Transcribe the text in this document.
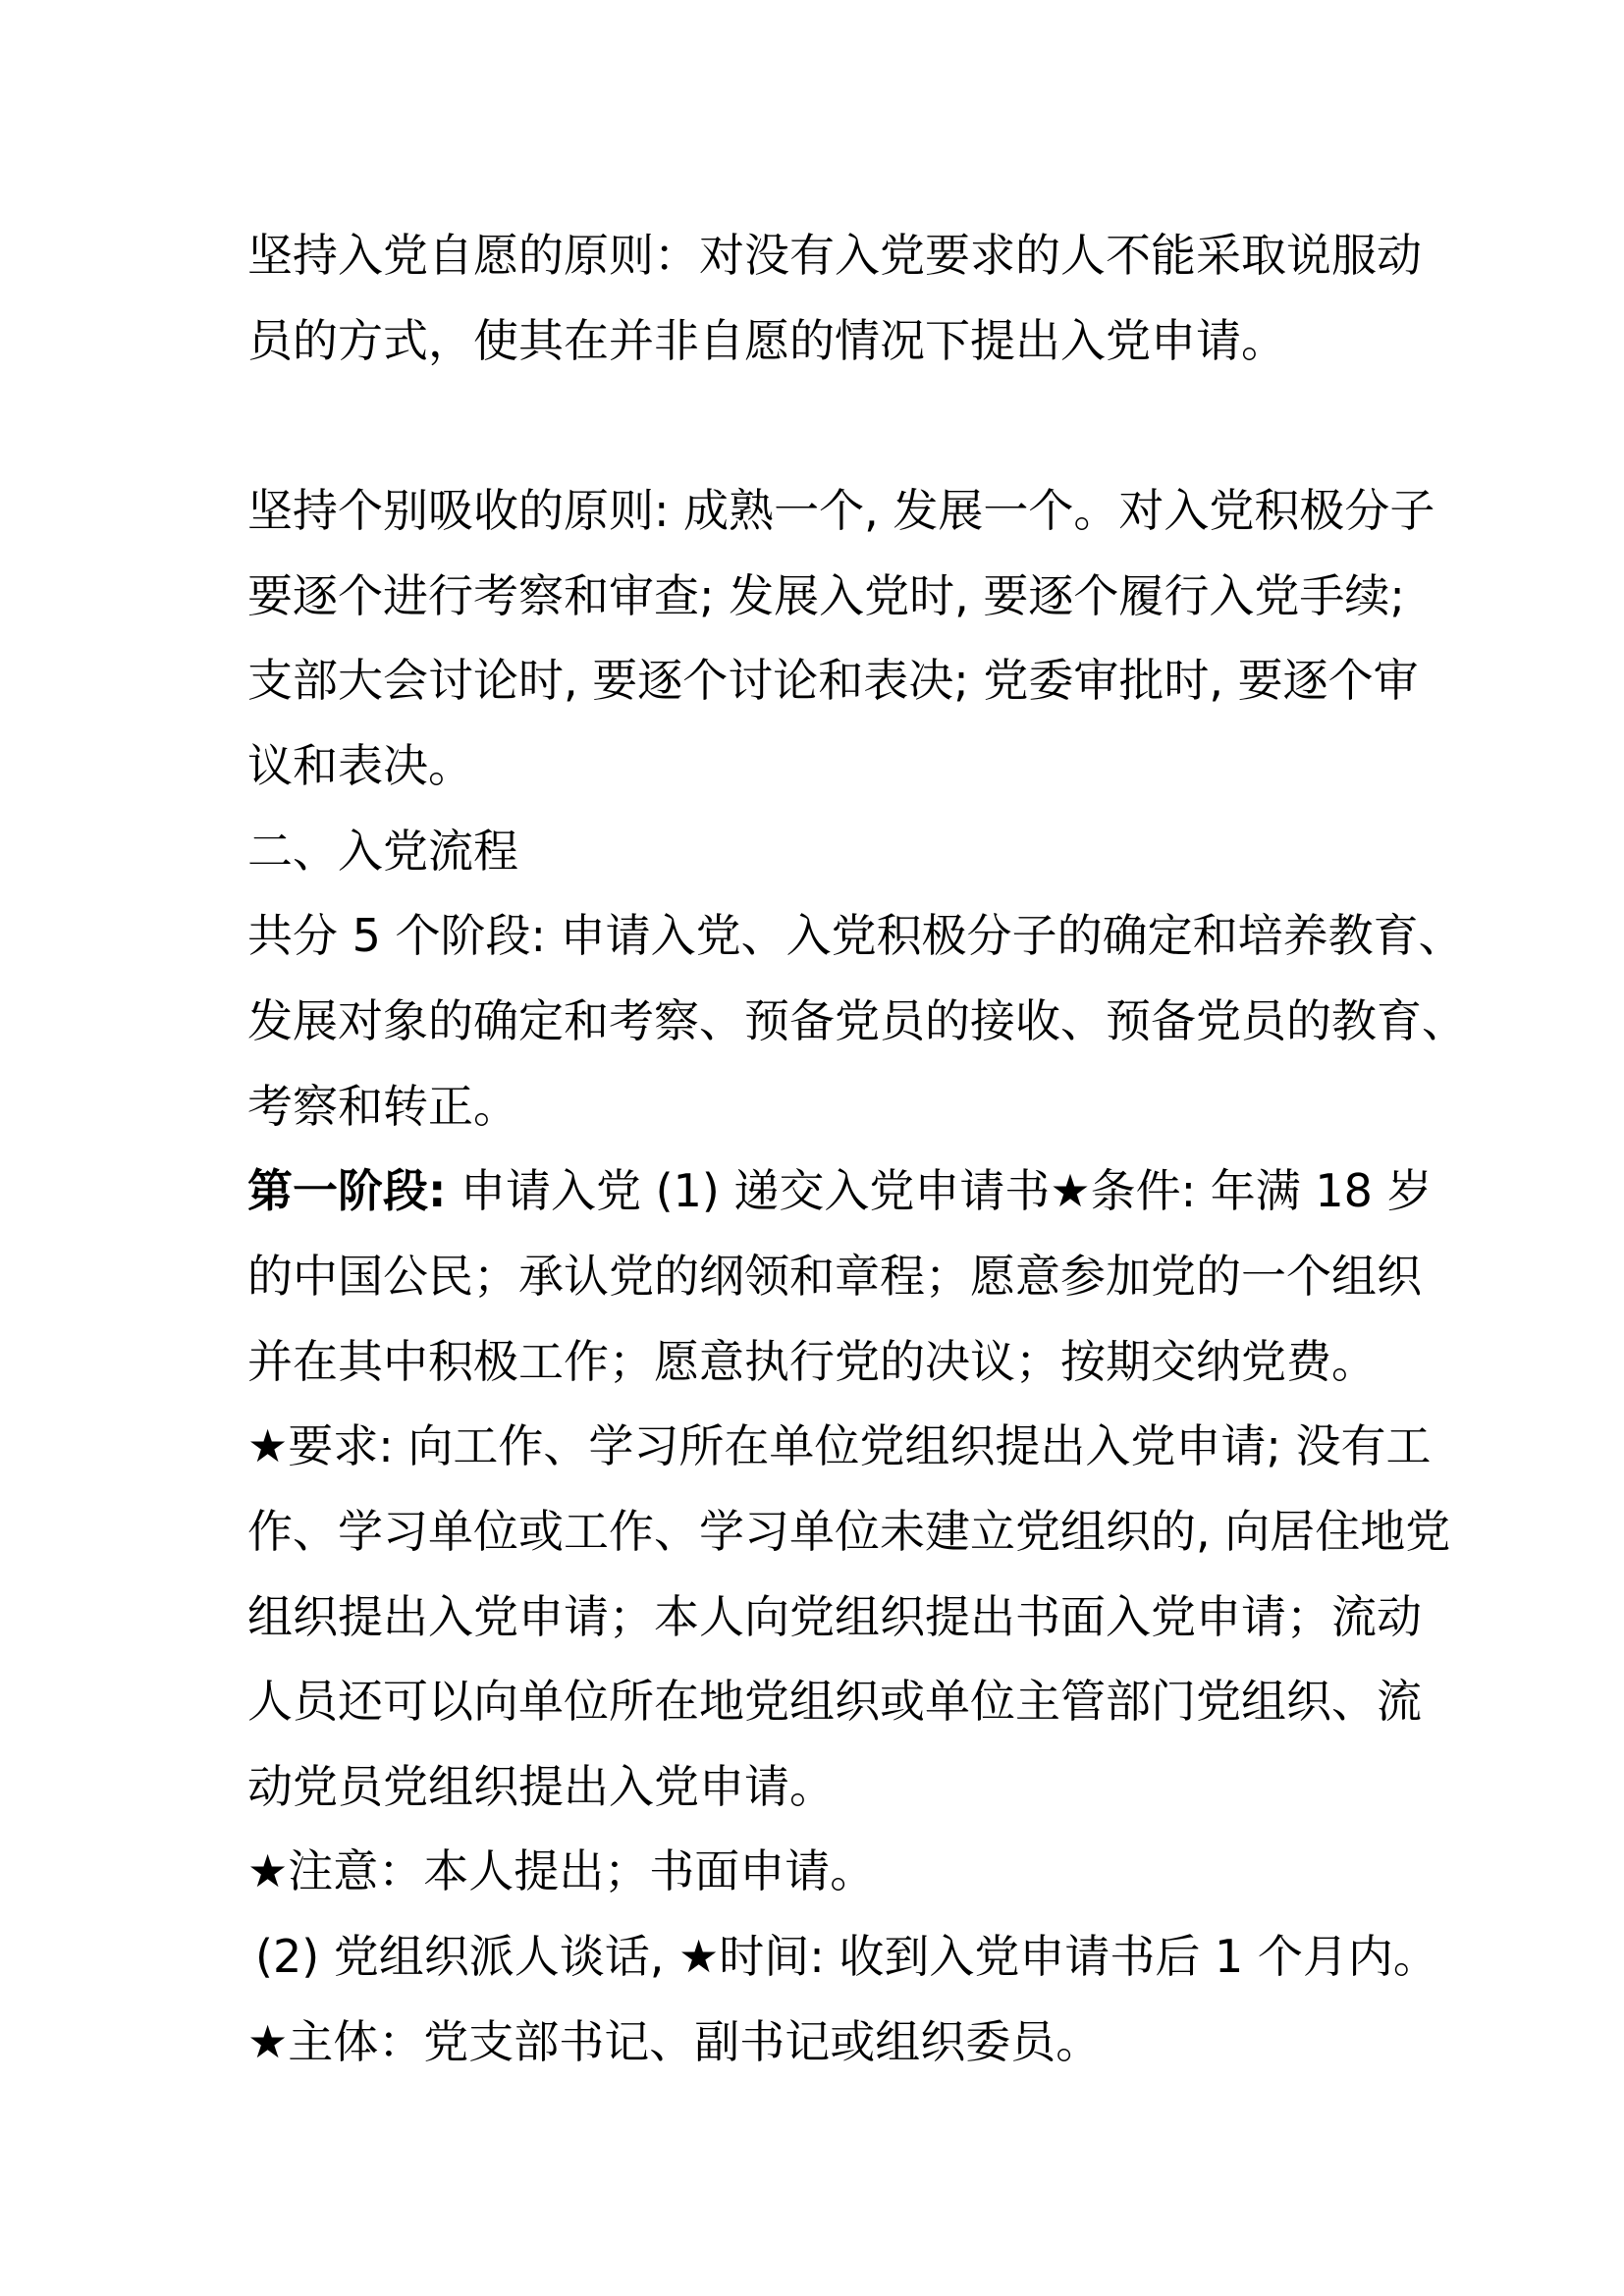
坚持入党自愿的原则：对没有入党要求的人不能采取说服动
员的方式，使其在并非自愿的情况下提出入党申请。
坚持个别吸收的原则: 成熟一个, 发展一个。对入党积极分子
要逐个进行考察和审查; 发展入党时, 要逐个履行入党手续;
支部大会讨论时, 要逐个讨论和表决; 党委审批时, 要逐个审
议和表决。
二、入党流程
共分 5 个阶段: 申请入党、入党积极分子的确定和培养教育、
发展对象的确定和考察、预备党员的接收、预备党员的教育、
考察和转正。
第一阶段: 申请入党 (1) 递交入党申请书★条件: 年满 18 岁
的中国公民；承认党的纲领和章程；愿意参加党的一个组织
并在其中积极工作；愿意执行党的决议；按期交纳党费。
★要求: 向工作、学习所在单位党组织提出入党申请; 没有工
作、学习单位或工作、学习单位未建立党组织的, 向居住地党
组织提出入党申请；本人向党组织提出书面入党申请；流动
人员还可以向单位所在地党组织或单位主管部门党组织、流
动党员党组织提出入党申请。
★注意：本人提出；书面申请。
(2) 党组织派人谈话, ★时间: 收到入党申请书后 1 个月内。
★主体：党支部书记、副书记或组织委员。
